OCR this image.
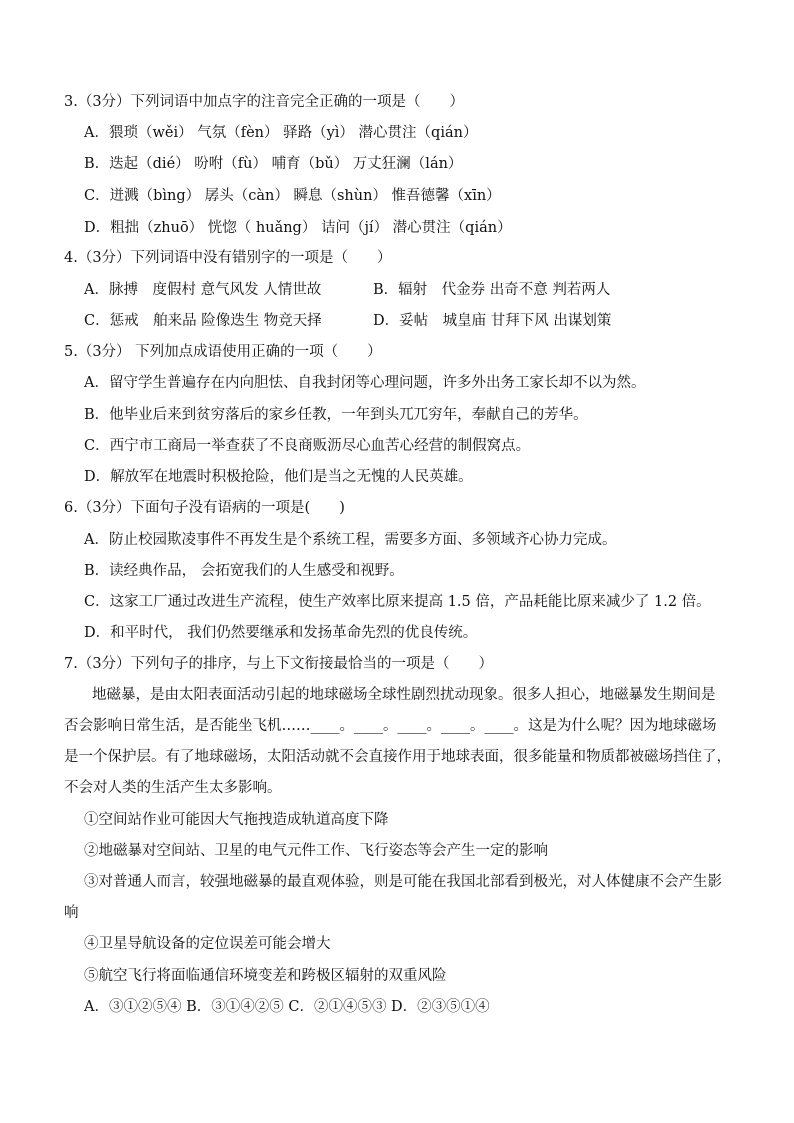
3.（3分）下列词语中加点字的注音完全正确的一项是（　　）
A．猥琐（wěi） 气氛（fèn） 驿路（yì） 潜心贯注（qián）
B．迭起（dié） 吩咐（fù） 哺育（bǔ） 万丈狂澜（lán）
C．迸溅（bìng） 孱头（càn） 瞬息（shùn） 惟吾德馨（xīn）
D．粗拙（zhuō） 恍惚（ huǎng） 诘问（jí） 潜心贯注（qián）
4.（3分）下列词语中没有错别字的一项是（　　）
A．脉搏　度假村 意气风发 人情世故	B．辐射　代金券 出奇不意 判若两人
C．惩戒　舶来品 险像迭生 物竞天择	D．妥帖　城皇庙 甘拜下风 出谋划策
5.（3分） 下列加点成语使用正确的一项（　　）
A．留守学生普遍存在内向胆怯、自我封闭等心理问题，许多外出务工家长却不以为然。
B．他毕业后来到贫穷落后的家乡任教，一年到头兀兀穷年，奉献自己的芳华。
C．西宁市工商局一举查获了不良商贩沥尽心血苦心经营的制假窝点。
D．解放军在地震时积极抢险，他们是当之无愧的人民英雄。
6.（3分）下面句子没有语病的一项是(　　)
A．防止校园欺凌事件不再发生是个系统工程，需要多方面、多领域齐心协力完成。
B．读经典作品， 会拓宽我们的人生感受和视野。
C．这家工厂通过改进生产流程，使生产效率比原来提高 1.5 倍，产品耗能比原来减少了 1.2 倍。
D．和平时代， 我们仍然要继承和发扬革命先烈的优良传统。
7.（3分）下列句子的排序，与上下文衔接最恰当的一项是（　　）
地磁暴，是由太阳表面活动引起的地球磁场全球性剧烈扰动现象。很多人担心，地磁暴发生期间是
否会影响日常生活，是否能坐飞机……____。____。____。____。____。这是为什么呢？因为地球磁场
是一个保护层。有了地球磁场，太阳活动就不会直接作用于地球表面，很多能量和物质都被磁场挡住了，
不会对人类的生活产生太多影响。
①空间站作业可能因大气拖拽造成轨道高度下降
②地磁暴对空间站、卫星的电气元件工作、飞行姿态等会产生一定的影响
③对普通人而言，较强地磁暴的最直观体验，则是可能在我国北部看到极光，对人体健康不会产生影
响
④卫星导航设备的定位误差可能会增大
⑤航空飞行将面临通信环境变差和跨极区辐射的双重风险
A．③①②⑤④ B．③①④②⑤ C．②①④⑤③ D．②③⑤①④
